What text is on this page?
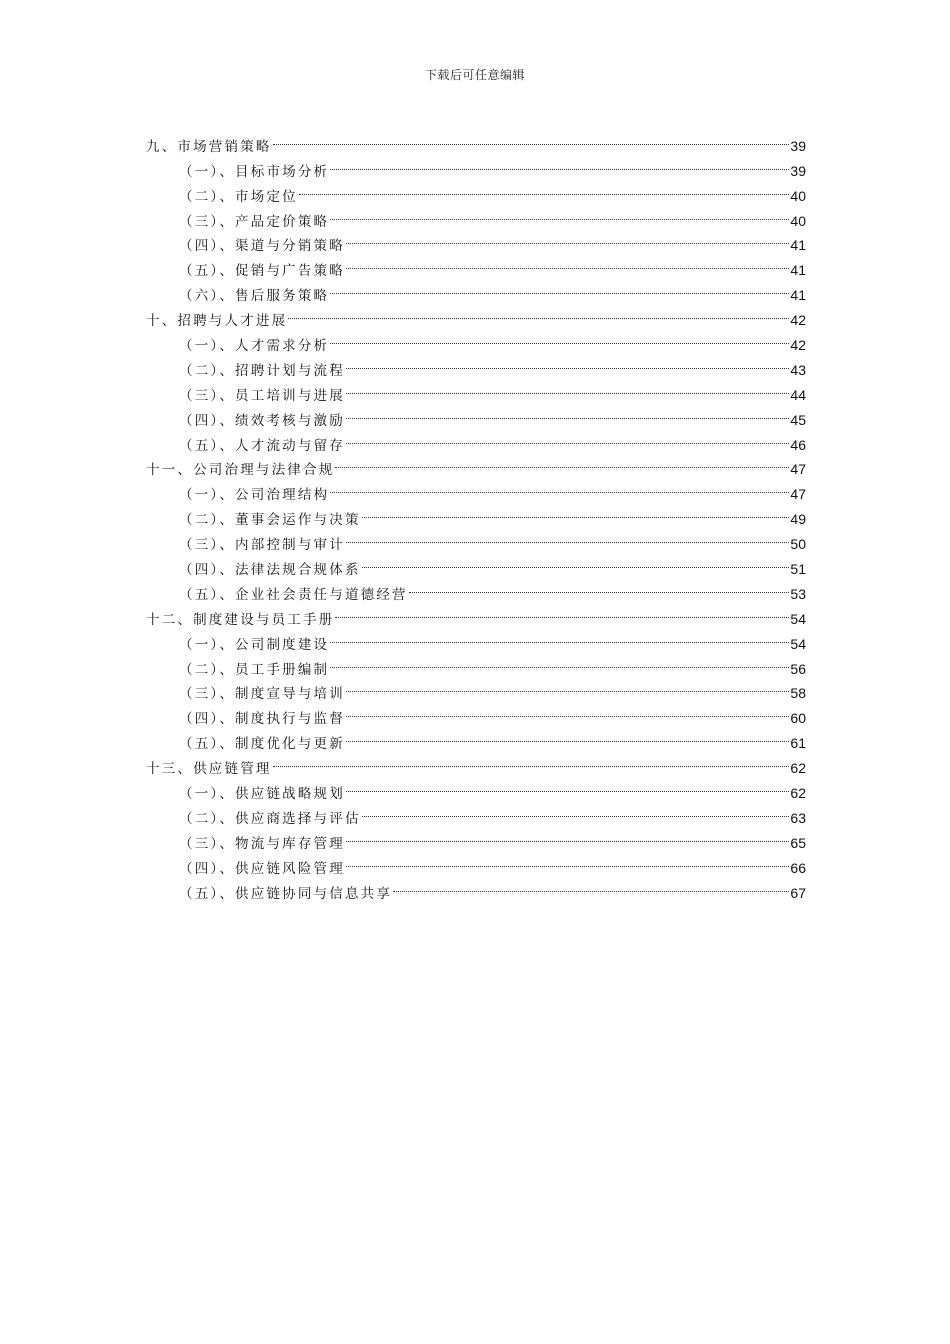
下载后可任意编辑
九、市场营销策略	39
（一）、目标市场分析	39
（二）、市场定位	40
（三）、产品定价策略	40
（四）、渠道与分销策略	41
（五）、促销与广告策略	41
（六）、售后服务策略	41
十、招聘与人才进展	42
（一）、人才需求分析	42
（二）、招聘计划与流程	43
（三）、员工培训与进展	44
（四）、绩效考核与激励	45
（五）、人才流动与留存	46
十一、公司治理与法律合规	47
（一）、公司治理结构	47
（二）、董事会运作与决策	49
（三）、内部控制与审计	50
（四）、法律法规合规体系	51
（五）、企业社会责任与道德经营	53
十二、制度建设与员工手册	54
（一）、公司制度建设	54
（二）、员工手册编制	56
（三）、制度宣导与培训	58
（四）、制度执行与监督	60
（五）、制度优化与更新	61
十三、供应链管理	62
（一）、供应链战略规划	62
（二）、供应商选择与评估	63
（三）、物流与库存管理	65
（四）、供应链风险管理	66
（五）、供应链协同与信息共享	67
